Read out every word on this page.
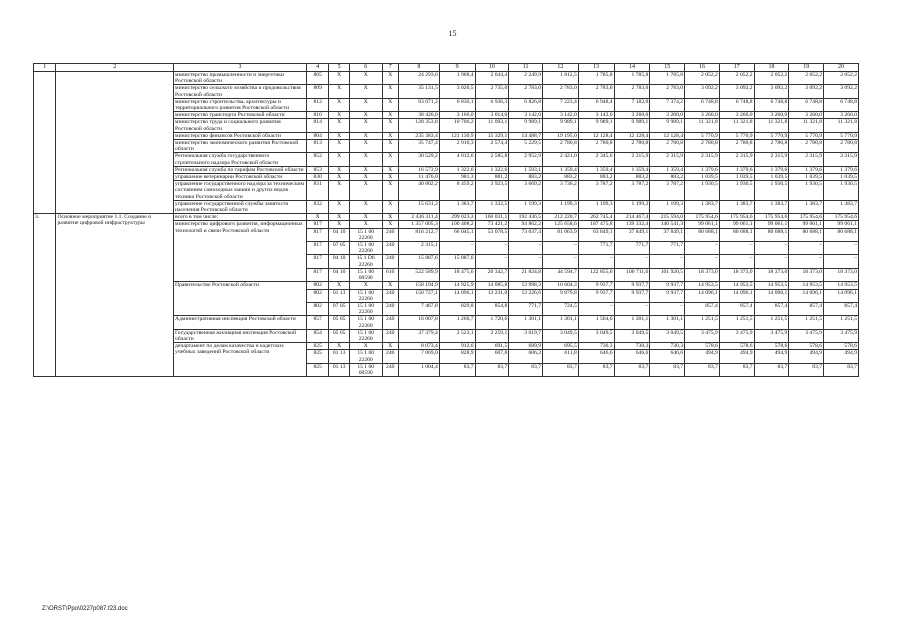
15
1	2	3	4	5	6	7	8	9	10	11	12	13	14	15	16	17	18	19	20
		министерство промышленности и энергетики Ростовской области	805	X	X	X	24 293,6	1 968,4	2 644,4	2 249,9	1 812,5	1 785,8	1 785,8	1 785,8	2 052,2	2 052,2	2 052,2	2 052,2	2 052,2
		министерство сельского хозяйства и продовольствия Ростовской области	809	X	X	X	35 131,5	3 020,5	2 735,0	2 783,0	2 783,0	2 783,0	2 783,0	2 783,0	3 092,2	3 092,2	3 092,2	3 092,2	3 092,2
		министерство строительства, архитектуры и территориального развития Ростовской области	812	X	X	X	83 071,2	6 836,1	6 936,3	6 826,8	7 223,4	6 948,4	7 182,0	7 374,2	6 748,8	6 748,8	6 748,8	6 748,8	6 748,8
		министерство транспорта Ростовской области	810	X	X	X	38 426,0	3 166,0	3 014,0	3 142,0	3 142,0	3 142,0	3 260,0	3 260,0	3 260,0	3 260,0	3 260,0	3 260,0	3 260,0
		министерство труда и социального развития Ростовской области	814	X	X	X	128 353,8	10 706,2	11 093,1	9 989,1	9 989,1	9 989,1	9 989,1	9 989,1	11 321,8	11 321,8	11 321,8	11 321,8	11 321,8
		министерство финансов Ростовской области	804	X	X	X	235 383,4	121 130,9	15 329,1	14 488,7	19 195,0	12 128,4	12 128,4	12 128,4	5 770,9	5 770,9	5 770,9	5 770,9	5 770,9
		министерство экономического развития Ростовской области	813	X	X	X	35 747,4	2 916,3	2 574,4	5 229,5	2 780,8	2 780,8	2 780,8	2 780,8	2 780,8	2 780,8	2 780,8	2 780,8	2 780,8
		Региональная служба государственного строительного надзора Ростовской области	852	X	X	X	30 529,2	4 012,6	2 585,8	2 952,9	2 421,0	2 345,6	2 315,9	2 315,9	2 315,9	2 315,9	2 315,9	2 315,9	2 315,9
		Региональная служба по тарифам Ростовской области	853	X	X	X	16 573,9	1 322,6	1 322,6	1 593,1	1 359,4	1 359,4	1 359,4	1 359,4	1 379,6	1 379,6	1 379,6	1 379,6	1 379,6
		управление ветеринарии Ростовской области	830	X	X	X	11 476,0	981,3	881,2	883,2	883,2	883,2	883,2	883,2	1 039,5	1 039,5	1 039,5	1 039,5	1 039,5
		управление государственного надзора за техническим состоянием самоходных машин и других видов техники Ростовской области	831	X	X	X	40 802,2	8 459,2	3 923,5	3 669,2	3 736,2	3 787,2	3 787,2	3 787,2	1 930,5	1 930,5	1 930,5	1 930,5	1 930,5
		управление государственной службы занятости населения Ростовской области	832	X	X	X	15 631,2	1 383,7	1 332,5	1 199,3	1 199,3	1 199,3	1 199,3	1 199,3	1 383,7	1 383,7	1 383,7	1 383,7	1 383,7
3.	Основное мероприятие 1.1. Создание и развитие цифровой инфраструктуры	всего в том числе:	X	X	X	X	2 436 311,4	299 023,3	160 031,1	192 436,5	212 220,7	262 745,4	214 467,4	215 594,0	175 954,6	175 954,6	175 954,6	175 954,6	175 954,6
		министерство цифрового развития, информационных технологий и связи Ростовской области	817	X	X	X	1 357 005,3	100 408,2	73 421,2	94 862,2	125 658,6	187 475,8	139 332,4	140 541,3	99 061,1	99 061,1	99 061,1	99 061,1	99 061,1
			817	04 10	15 1 00 22260	240	816 212,7	66 045,1	53 078,5	73 037,4	81 063,9	63 849,1	37 849,1	37 849,1	80 688,1	80 688,1	80 688,1	80 688,1	80 688,1
			817	07 05	15 1 00 22260	240	2 315,1	–	–	–	–	771,7	771,7	771,7	–	–	–	–	–
			817	04 10	15 1 D6 22260	240	15 887,6	15 887,6	–	–	–	–	–	–	–	–	–	–	–
			817	04 10	15 1 00 00590	610	522 589,9	18 475,6	20 342,7	21 824,8	44 594,7	122 855,0	100 711,6	101 920,5	18 373,0	18 373,0	18 373,0	18 373,0	18 373,0
		Правительство Ростовской области	802	X	X	X	158 194,9	14 925,9	14 085,8	13 998,3	10 604,3	9 937,7	9 937,7	9 937,7	14 953,5	14 953,5	14 953,5	14 953,5	14 953,5
			802	01 13	15 1 00 22260	240	150 727,1	14 096,1	13 231,0	13 226,6	9 879,8	9 937,7	9 937,7	9 937,7	14 096,1	14 096,1	14 096,1	14 096,1	14 096,1
			802	07 05	15 1 00 22260	240	7 467,8	829,8	854,8	771,7	724,5	–	–	–	857,4	857,4	857,4	857,4	857,4
		Административная инспекция Ростовской области	857	05 05	15 1 00 22260	240	16 007,8	1 260,7	1 720,6	1 301,1	1 301,1	1 564,6	1 301,1	1 301,1	1 251,5	1 251,5	1 251,5	1 251,5	1 251,5
		Государственная жилищная инспекция Ростовской области	854	05 05	15 1 00 22260	240	37 379,4	2 523,1	2 259,1	3 019,7	3 049,5	3 049,5	3 049,5	3 049,5	3 475,9	3 475,9	3 475,9	3 475,9	3 475,9
		департамент по делам казачества и кадетских учебных заведений Ростовской области	825	X	X	X	8 073,4	912,6	691,5	689,9	695,5	730,3	730,3	730,3	578,6	578,6	578,6	578,6	578,6
			825	01 13	15 1 00 22260	240	7 069,0	828,9	607,8	606,2	611,8	646,6	646,6	646,6	494,9	494,9	494,9	494,9	494,9
			825	01 13	15 1 00 00590	240	1 004,4	83,7	83,7	83,7	83,7	83,7	83,7	83,7	83,7	83,7	83,7	83,7	83,7
Z:\ORST\Ppo\0227p087.f23.doc
